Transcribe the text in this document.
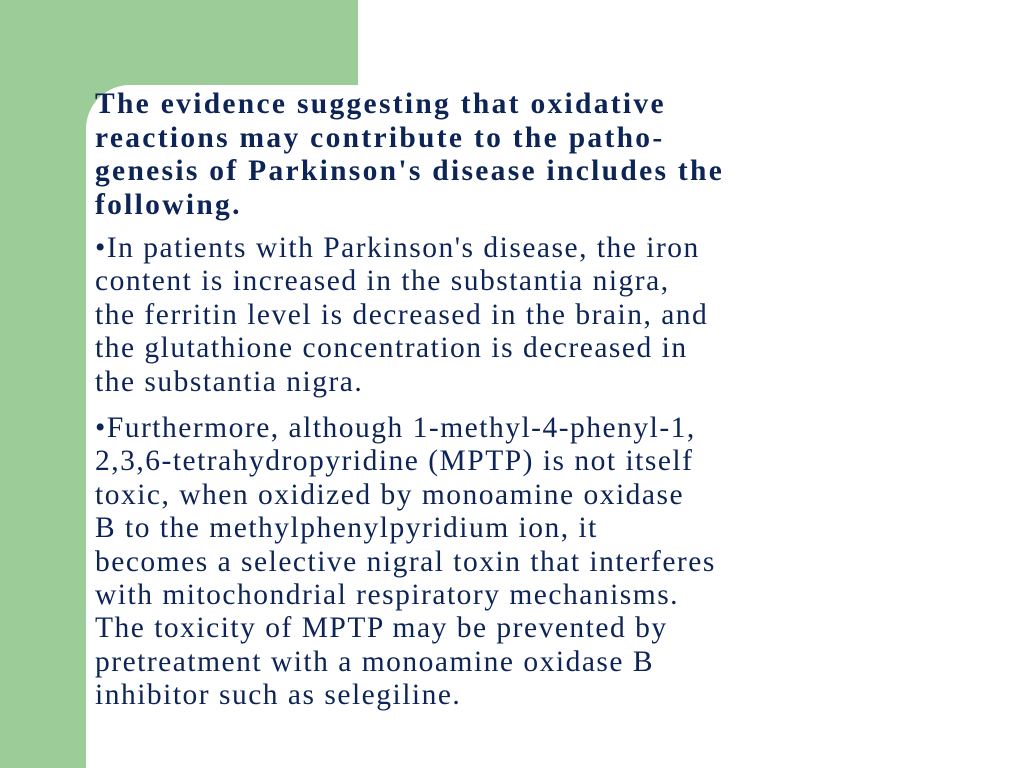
The evidence suggesting that oxidative
reactions may contribute to the patho-
genesis of Parkinson's disease includes the
following.
•In patients with Parkinson's disease, the iron
content is increased in the substantia nigra,
the ferritin level is decreased in the brain, and
the glutathione concentration is decreased in
the substantia nigra.
•Furthermore, although 1-methyl-4-phenyl-1,
2,3,6-tetrahydropyridine (MPTP) is not itself
toxic, when oxidized by monoamine oxidase
B to the methylphenylpyridium ion, it
becomes a selective nigral toxin that interferes
with mitochondrial respiratory mechanisms.
The toxicity of MPTP may be prevented by
pretreatment with a monoamine oxidase B
inhibitor such as selegiline.
